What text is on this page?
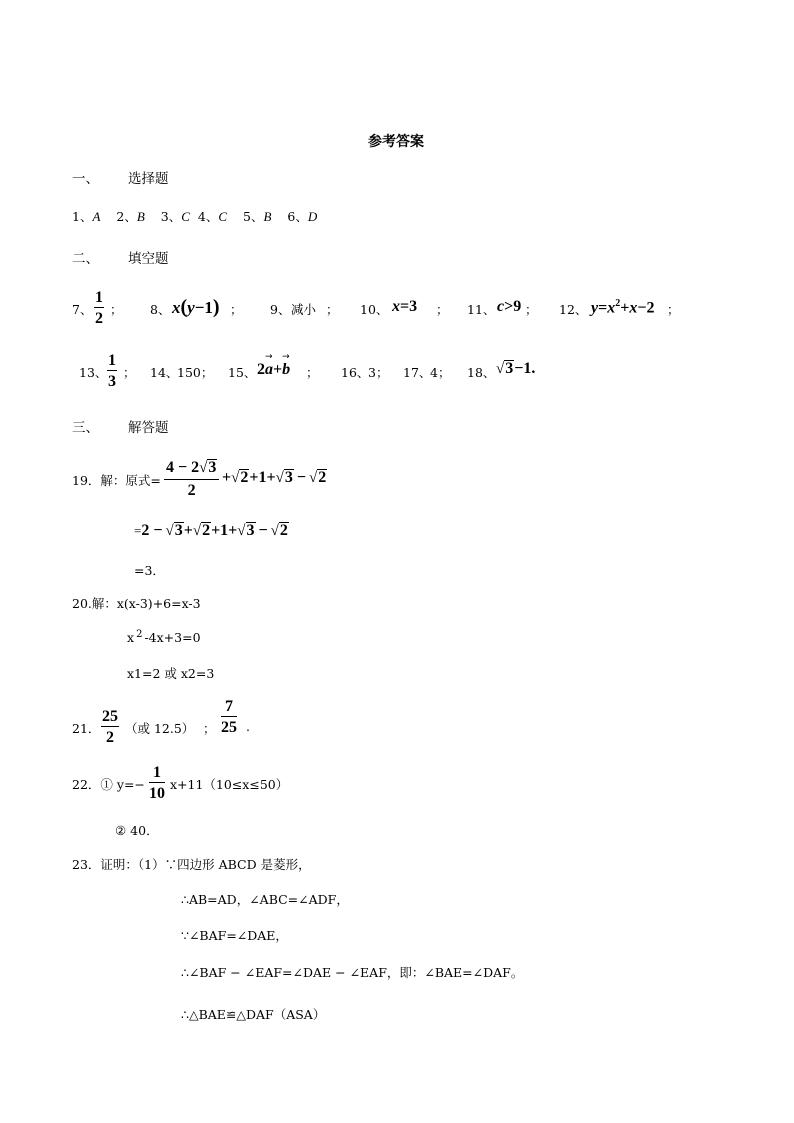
参考答案
一、 选择题
1、A 2、B 3、C 4、C 5、B 6、D
二、 填空题
7、 $\frac{1}{2}$ ； 8、 x(y−1) ； 9、 减小 ； 10、 x=3 ； 11、 c>9 ； 12、 $y=x^2+x-2$ ；
13、 $\frac{1}{3}$ ； 14、
150； 15、 2
→
a+
→
b ； 16、
3； 17、
4； 18、 √3−1.
三、 解答题
19．解：原式= $\frac{4 - 2√3}{2} +√2+1+√3 - √2$
=2 − √3+√2+1+√3 − √2
=3．
20.解：x(x-3)+6=x-3
x $^2$ -4x+3=0
x1=2 或 x2=3
21． $\frac{25}{2}$ （或 12.5） ； $\frac{7}{25}$ .
22．① $y=- \frac{1}{10} x+11(10\le x\le 50)$
② 40．
23．证明：（1）∵四边形 ABCD 是菱形，
∴AB=AD，∠ABC=∠ADF，
∵∠BAF=∠DAE，
∴∠BAF − ∠EAF=∠DAE − ∠EAF，即：∠BAE=∠DAF。
∴△BAE≌△DAF（ASA）
